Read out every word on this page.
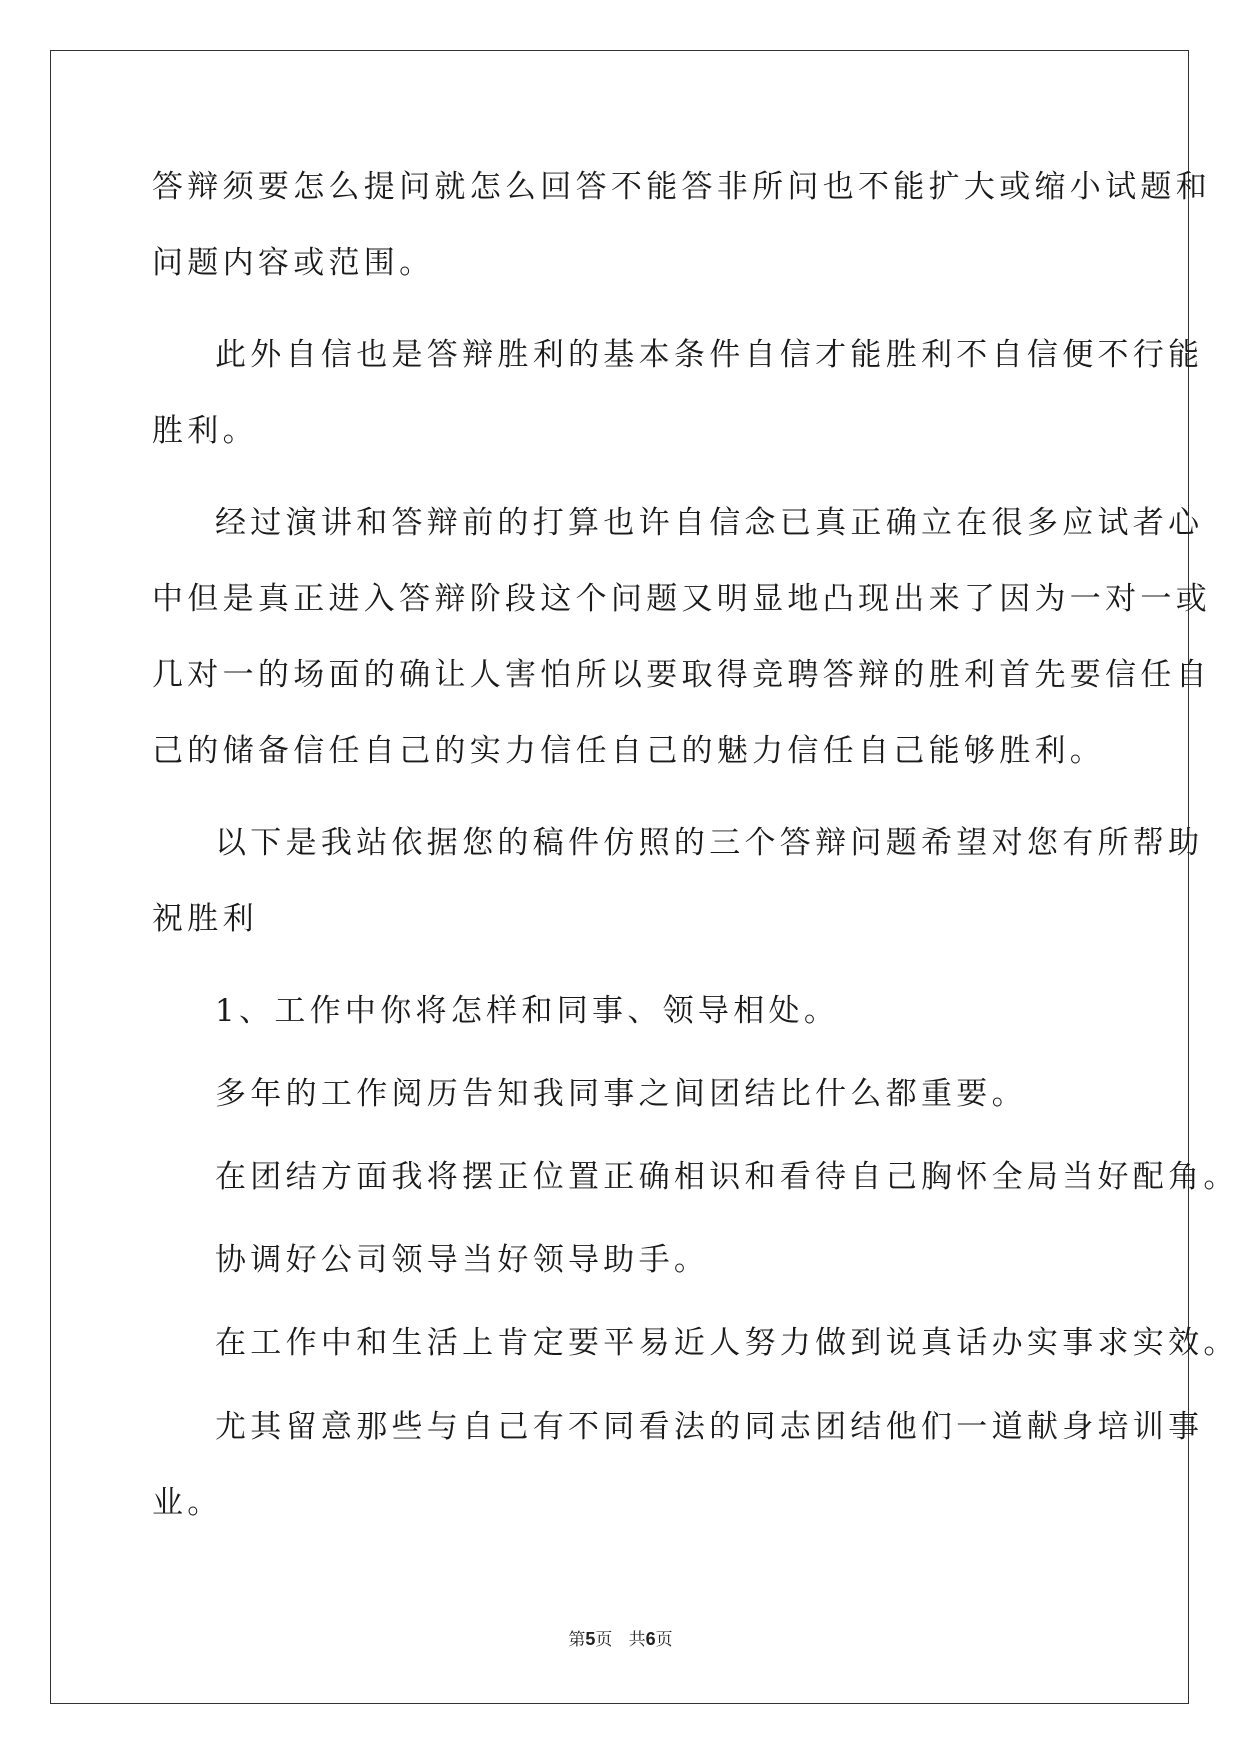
答辩须要怎么提问就怎么回答不能答非所问也不能扩大或缩小试题和
问题内容或范围。
此外自信也是答辩胜利的基本条件自信才能胜利不自信便不行能
胜利。
经过演讲和答辩前的打算也许自信念已真正确立在很多应试者心
中但是真正进入答辩阶段这个问题又明显地凸现出来了因为一对一或
几对一的场面的确让人害怕所以要取得竞聘答辩的胜利首先要信任自
己的储备信任自己的实力信任自己的魅力信任自己能够胜利。
以下是我站依据您的稿件仿照的三个答辩问题希望对您有所帮助
祝胜利
1、工作中你将怎样和同事、领导相处。
多年的工作阅历告知我同事之间团结比什么都重要。
在团结方面我将摆正位置正确相识和看待自己胸怀全局当好配角。
协调好公司领导当好领导助手。
在工作中和生活上肯定要平易近人努力做到说真话办实事求实效。
尤其留意那些与自己有不同看法的同志团结他们一道献身培训事
业。
第5页   共6页
